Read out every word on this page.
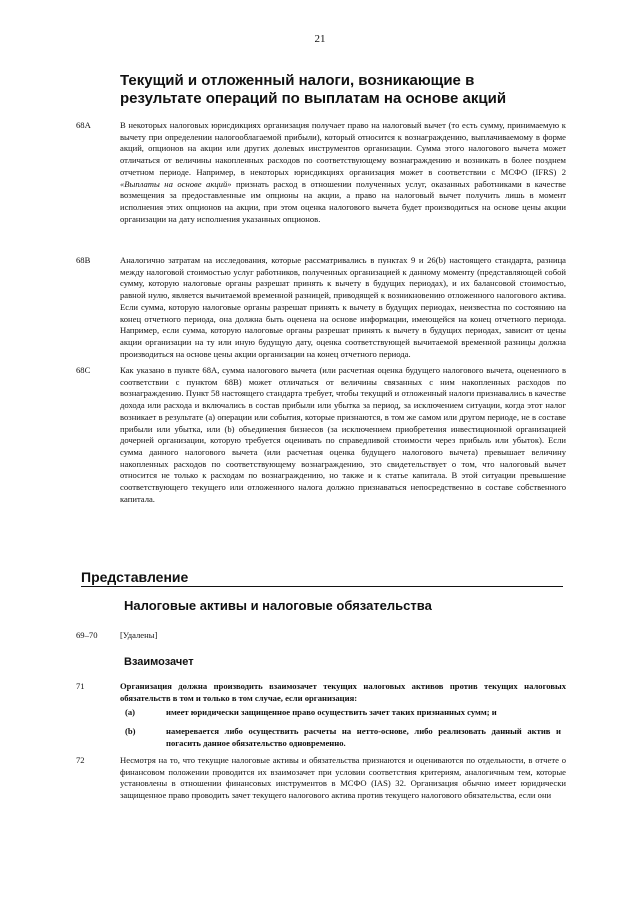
21
Текущий и отложенный налоги, возникающие в результате операций по выплатам на основе акций
68A	В некоторых налоговых юрисдикциях организация получает право на налоговый вычет (то есть сумму, принимаемую к вычету при определении налогооблагаемой прибыли), который относится к вознаграждению, выплачиваемому в форме акций, опционов на акции или других долевых инструментов организации. Сумма этого налогового вычета может отличаться от величины накопленных расходов по соответствующему вознаграждению и возникать в более позднем отчетном периоде. Например, в некоторых юрисдикциях организация может в соответствии с МСФО (IFRS) 2 «Выплаты на основе акций» признать расход в отношении полученных услуг, оказанных работниками в качестве возмещения за предоставленные им опционы на акции, а право на налоговый вычет получить лишь в момент исполнения этих опционов на акции, при этом оценка налогового вычета будет производиться на основе цены акции организации на дату исполнения указанных опционов.
68B	Аналогично затратам на исследования, которые рассматривались в пунктах 9 и 26(b) настоящего стандарта, разница между налоговой стоимостью услуг работников, полученных организацией к данному моменту (представляющей собой сумму, которую налоговые органы разрешат принять к вычету в будущих периодах), и их балансовой стоимостью, равной нулю, является вычитаемой временной разницей, приводящей к возникновению отложенного налогового актива. Если сумма, которую налоговые органы разрешат принять к вычету в будущих периодах, неизвестна по состоянию на конец отчетного периода, она должна быть оценена на основе информации, имеющейся на конец отчетного периода. Например, если сумма, которую налоговые органы разрешат принять к вычету в будущих периодах, зависит от цены акции организации на ту или иную будущую дату, оценка соответствующей вычитаемой временной разницы должна производиться на основе цены акции организации на конец отчетного периода.
68C	Как указано в пункте 68A, сумма налогового вычета (или расчетная оценка будущего налогового вычета, оцененного в соответствии с пунктом 68B) может отличаться от величины связанных с ним накопленных расходов по вознаграждению. Пункт 58 настоящего стандарта требует, чтобы текущий и отложенный налоги признавались в качестве дохода или расхода и включались в состав прибыли или убытка за период, за исключением ситуации, когда этот налог возникает в результате (a) операции или события, которые признаются, в том же самом или другом периоде, не в составе прибыли или убытка, или (b) объединения бизнесов (за исключением приобретения инвестиционной организацией дочерней организации, которую требуется оценивать по справедливой стоимости через прибыль или убыток). Если сумма данного налогового вычета (или расчетная оценка будущего налогового вычета) превышает величину накопленных расходов по соответствующему вознаграждению, это свидетельствует о том, что налоговый вычет относится не только к расходам по вознаграждению, но также и к статье капитала. В этой ситуации превышение соответствующего текущего или отложенного налога должно признаваться непосредственно в составе собственного капитала.
Представление
Налоговые активы и налоговые обязательства
69–70	[Удалены]
Взаимозачет
71	Организация должна производить взаимозачет текущих налоговых активов против текущих налоговых обязательств в том и только в том случае, если организация:
(a)	имеет юридически защищенное право осуществить зачет таких признанных сумм; и
(b)	намеревается либо осуществить расчеты на нетто-основе, либо реализовать данный актив и погасить данное обязательство одновременно.
72	Несмотря на то, что текущие налоговые активы и обязательства признаются и оцениваются по отдельности, в отчете о финансовом положении проводится их взаимозачет при условии соответствия критериям, аналогичным тем, которые установлены в отношении финансовых инструментов в МСФО (IAS) 32. Организация обычно имеет юридически защищенное право проводить зачет текущего налогового актива против текущего налогового обязательства, если они
